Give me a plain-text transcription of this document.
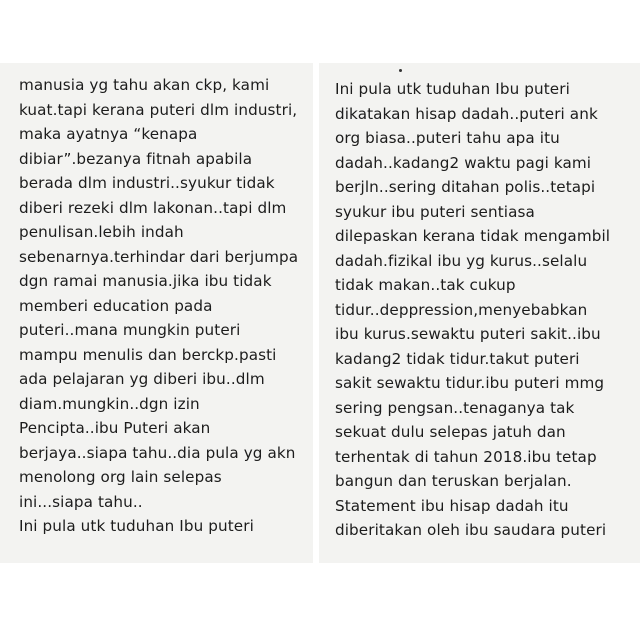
manusia yg tahu akan ckp, kami
kuat.tapi kerana puteri dlm industri,
maka ayatnya “kenapa
dibiar”.bezanya fitnah apabila
berada dlm industri..syukur tidak
diberi rezeki dlm lakonan..tapi dlm
penulisan.lebih indah
sebenarnya.terhindar dari berjumpa
dgn ramai manusia.jika ibu tidak
memberi education pada
puteri..mana mungkin puteri
mampu menulis dan berckp.pasti
ada pelajaran yg diberi ibu..dlm
diam.mungkin..dgn izin
Pencipta..ibu Puteri akan
berjaya..siapa tahu..dia pula yg akn
menolong org lain selepas
ini...siapa tahu..
Ini pula utk tuduhan Ibu puteri
Ini pula utk tuduhan Ibu puteri
dikatakan hisap dadah..puteri ank
org biasa..puteri tahu apa itu
dadah..kadang2 waktu pagi kami
berjln..sering ditahan polis..tetapi
syukur ibu puteri sentiasa
dilepaskan kerana tidak mengambil
dadah.fizikal ibu yg kurus..selalu
tidak makan..tak cukup
tidur..deppression,menyebabkan
ibu kurus.sewaktu puteri sakit..ibu
kadang2 tidak tidur.takut puteri
sakit sewaktu tidur.ibu puteri mmg
sering pengsan..tenaganya tak
sekuat dulu selepas jatuh dan
terhentak di tahun 2018.ibu tetap
bangun dan teruskan berjalan.
Statement ibu hisap dadah itu
diberitakan oleh ibu saudara puteri
